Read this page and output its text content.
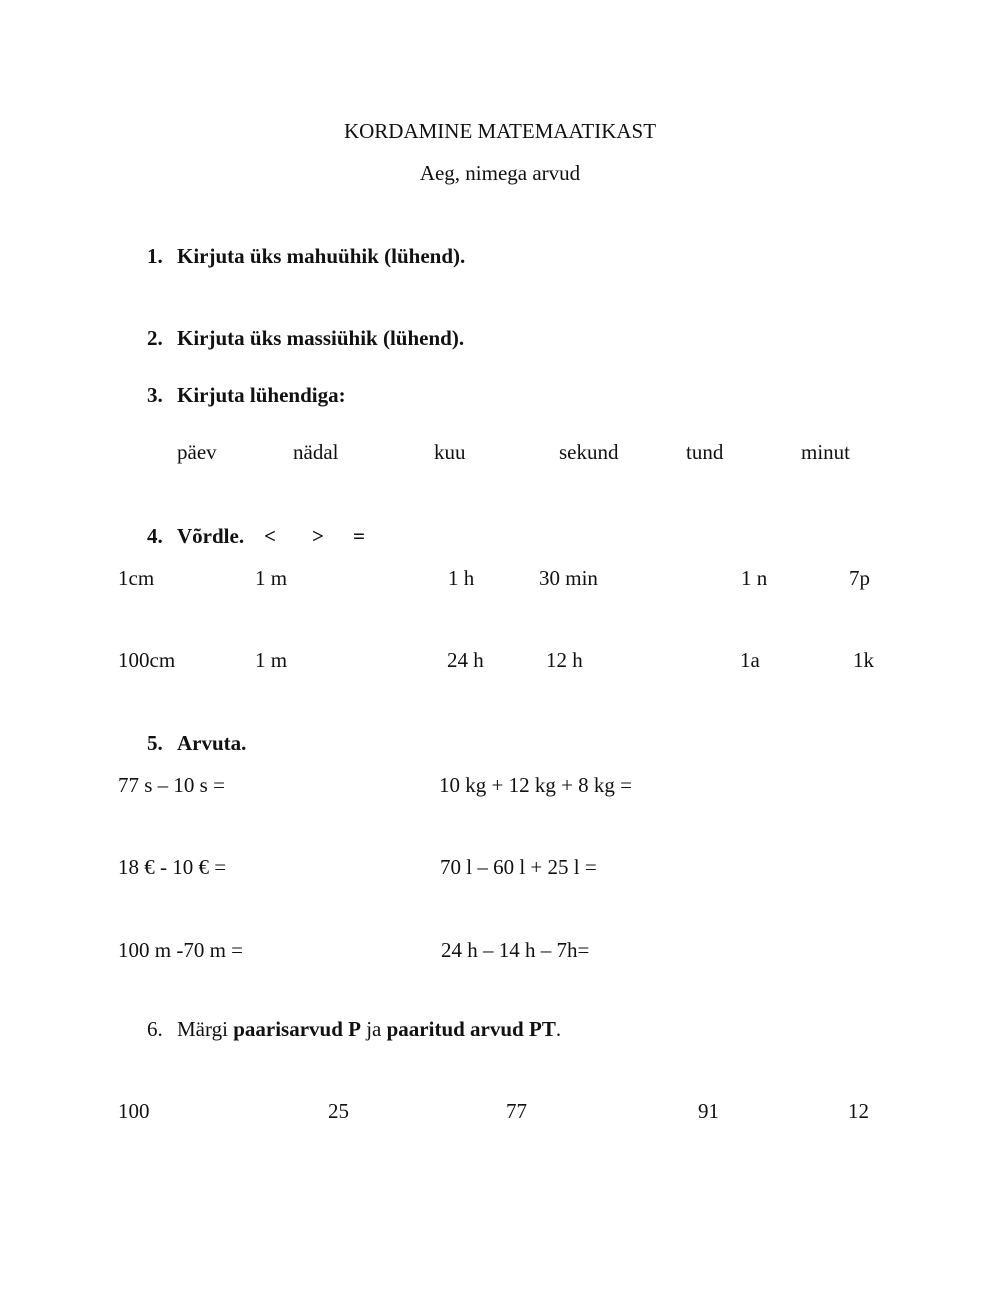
KORDAMINE MATEMAATIKAST
Aeg, nimega arvud
1. Kirjuta üks mahuühik (lühend).
2. Kirjuta üks massiühik (lühend).
3. Kirjuta lühendiga:
päev	nädal	kuu	sekund	tund	minut
4. Võrdle. < > =
1cm	1 m	1 h	30 min	1 n	7p
100cm	1 m	24 h	12 h	1a	1k
5. Arvuta.
77 s – 10 s =	10 kg + 12 kg + 8 kg =
18 € - 10 € =	70 l – 60 l + 25 l =
100 m -70 m =	24 h – 14 h – 7h=
6. Märgi paarisarvud P ja paaritud arvud PT.
100	25	77	91	12
